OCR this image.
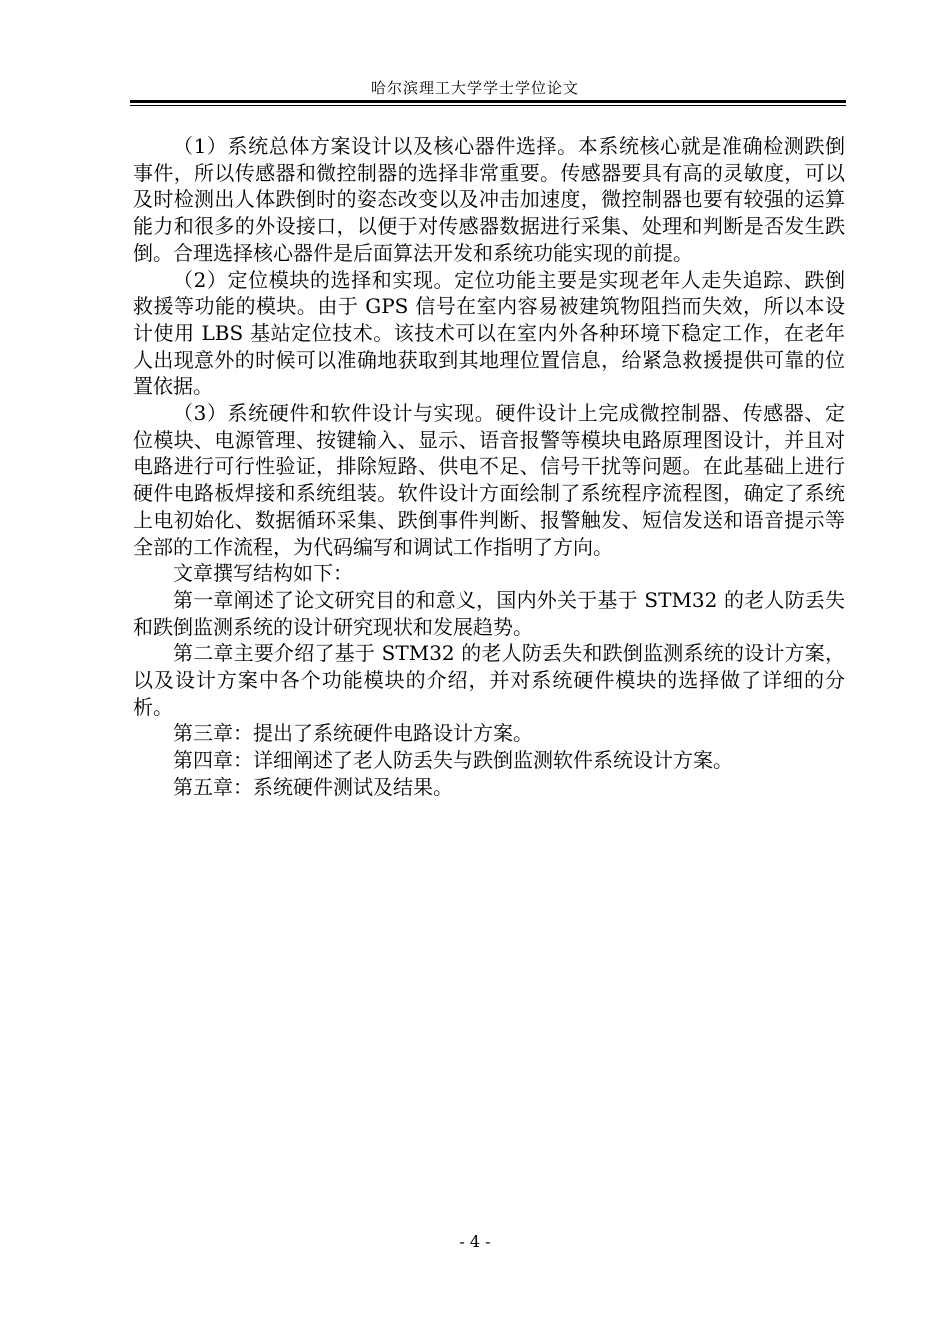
哈尔滨理工大学学士学位论文

（1）系统总体方案设计以及核心器件选择。本系统核心就是准确检测跌倒事件，所以传感器和微控制器的选择非常重要。传感器要具有高的灵敏度，可以及时检测出人体跌倒时的姿态改变以及冲击加速度，微控制器也要有较强的运算能力和很多的外设接口，以便于对传感器数据进行采集、处理和判断是否发生跌倒。合理选择核心器件是后面算法开发和系统功能实现的前提。

（2）定位模块的选择和实现。定位功能主要是实现老年人走失追踪、跌倒救援等功能的模块。由于 GPS 信号在室内容易被建筑物阻挡而失效，所以本设计使用 LBS 基站定位技术。该技术可以在室内外各种环境下稳定工作，在老年人出现意外的时候可以准确地获取到其地理位置信息，给紧急救援提供可靠的位置依据。

（3）系统硬件和软件设计与实现。硬件设计上完成微控制器、传感器、定位模块、电源管理、按键输入、显示、语音报警等模块电路原理图设计，并且对电路进行可行性验证，排除短路、供电不足、信号干扰等问题。在此基础上进行硬件电路板焊接和系统组装。软件设计方面绘制了系统程序流程图，确定了系统上电初始化、数据循环采集、跌倒事件判断、报警触发、短信发送和语音提示等全部的工作流程，为代码编写和调试工作指明了方向。

文章撰写结构如下：

第一章阐述了论文研究目的和意义，国内外关于基于 STM32 的老人防丢失和跌倒监测系统的设计研究现状和发展趋势。

第二章主要介绍了基于 STM32 的老人防丢失和跌倒监测系统的设计方案，以及设计方案中各个功能模块的介绍，并对系统硬件模块的选择做了详细的分析。

第三章：提出了系统硬件电路设计方案。

第四章：详细阐述了老人防丢失与跌倒监测软件系统设计方案。

第五章：系统硬件测试及结果。

- 4 -
